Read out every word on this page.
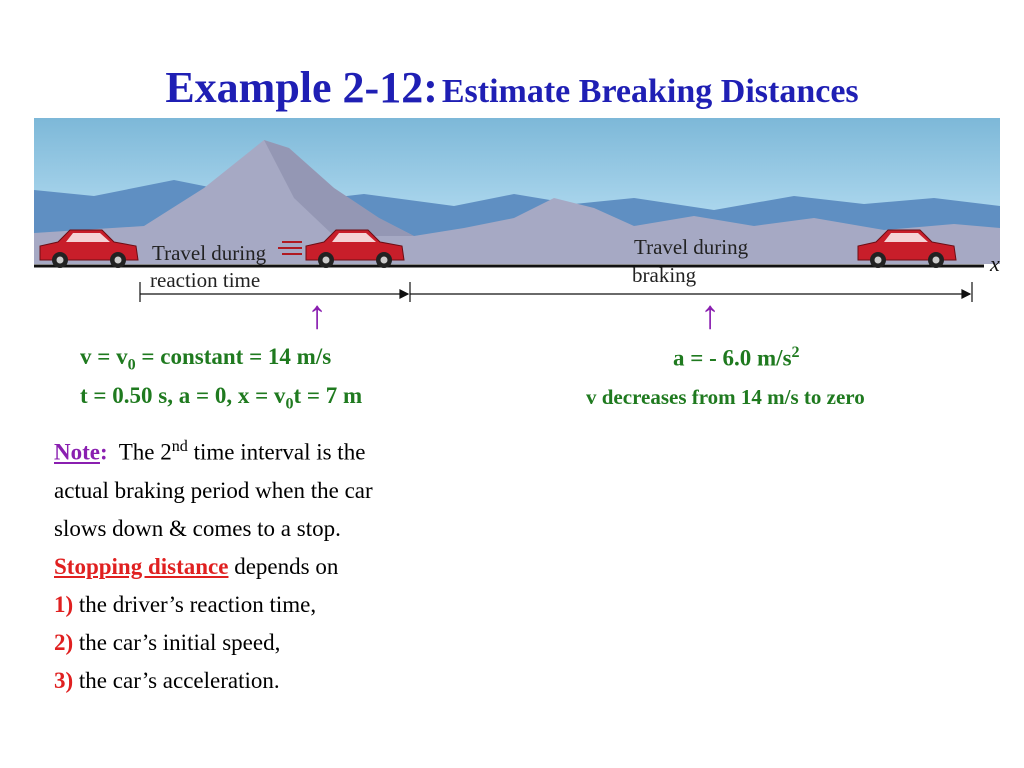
Example 2-12: Estimate Breaking Distances
x
Travel during
reaction time
Travel during
braking
↑	↑
$v = v_0$ = constant = 14 m/s
t = 0.50 s, a = 0, $x = v_0t = 7$ m
a = - 6.0 $m/s^2$
v decreases from 14 m/s to zero

Note:  The 2nd time interval is the

actual braking period when the car

slows down & comes to a stop.

Stopping distance depends on

1) the driver’s reaction time,

2) the car’s initial speed,

3) the car’s acceleration.
